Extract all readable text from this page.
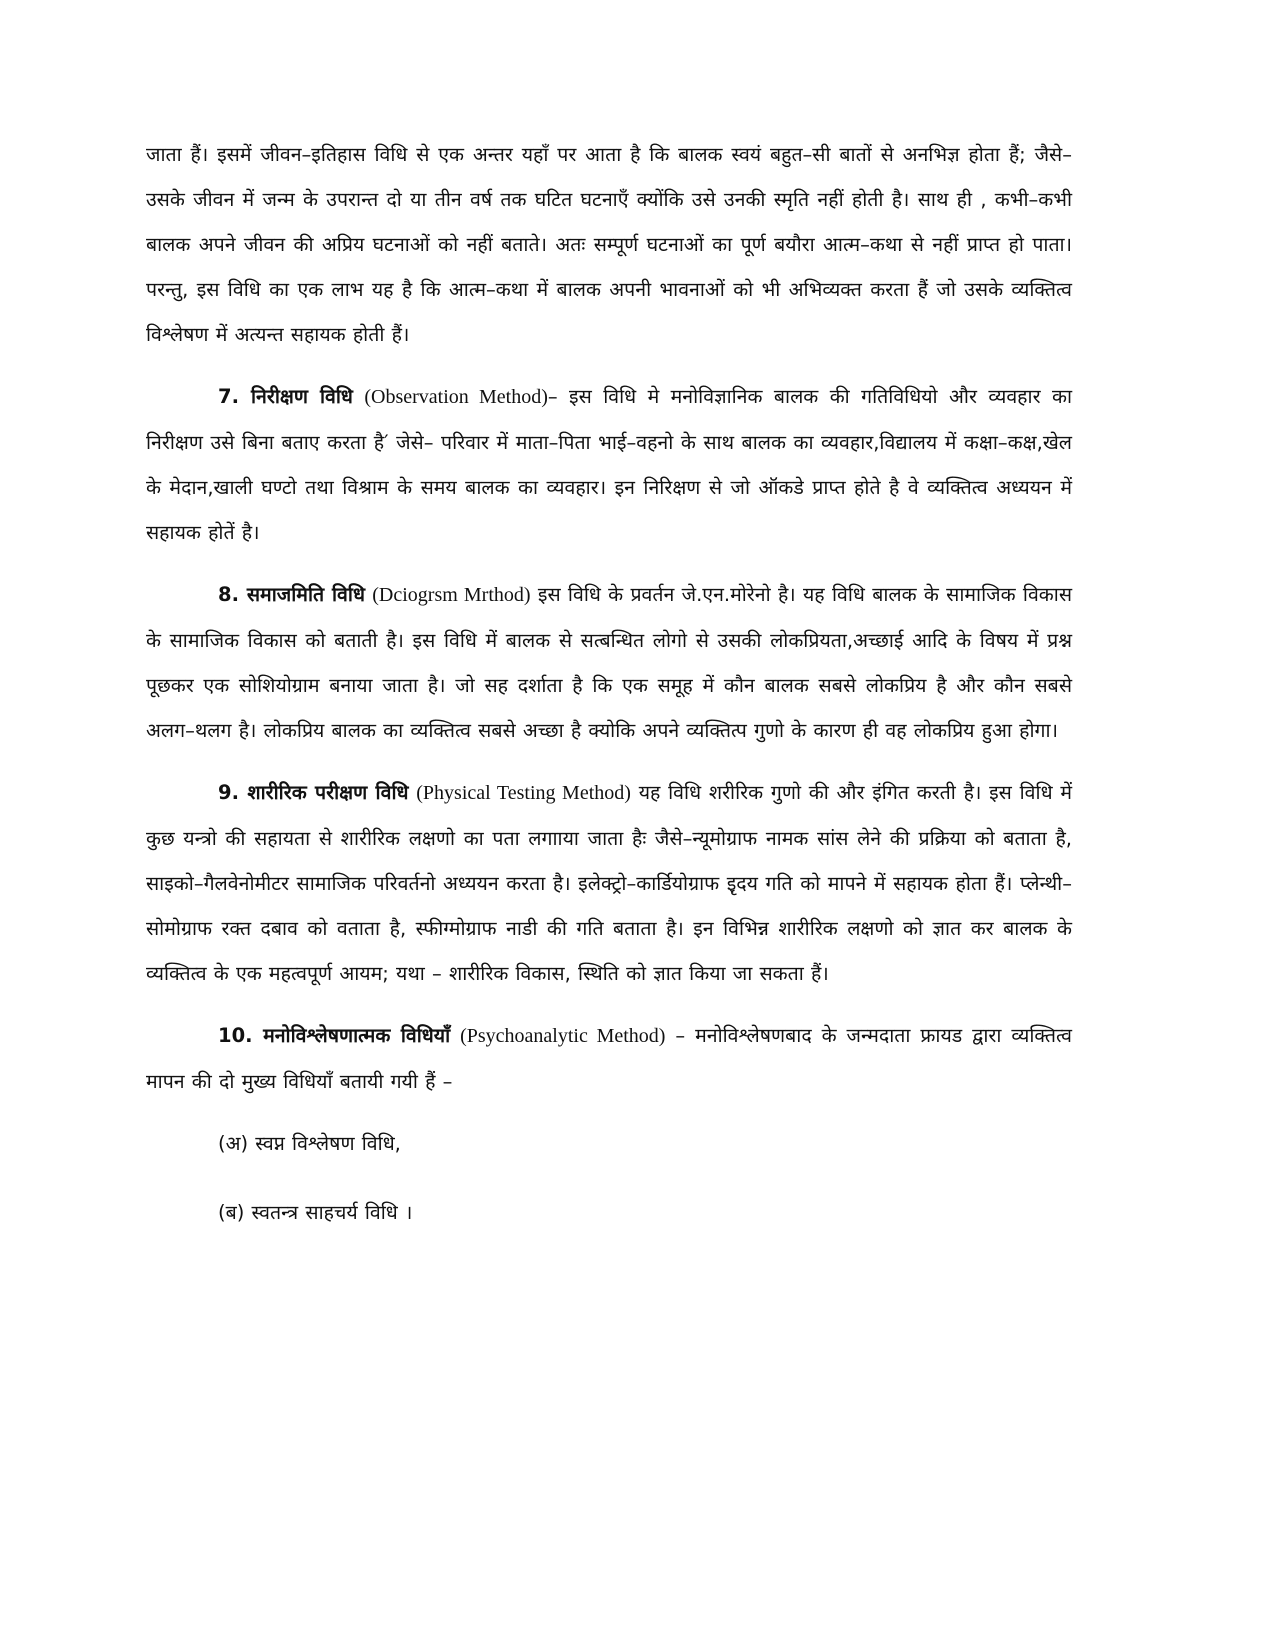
जाता हैं। इसमें जीवन–इतिहास विधि से एक अन्तर यहाँ पर आता है कि बालक स्वयं बहुत–सी बातों से अनभिज्ञ होता हैं; जैसे– उसके जीवन में जन्म के उपरान्त दो या तीन वर्ष तक घटित घटनाएँ क्योंकि उसे उनकी स्मृति नहीं होती है। साथ ही , कभी–कभी बालक अपने जीवन की अप्रिय घटनाओं को नहीं बताते। अतः सम्पूर्ण घटनाओं का पूर्ण बयौरा आत्म–कथा से नहीं प्राप्त हो पाता। परन्तु, इस विधि का एक लाभ यह है कि आत्म–कथा में बालक अपनी भावनाओं को भी अभिव्यक्त करता हैं जो उसके व्यक्तित्व विश्लेषण में अत्यन्त सहायक होती हैं।

7. निरीक्षण विधि (Observation Method)– इस विधि मे मनोविज्ञानिक बालक की गतिविधियो और व्यवहार का निरीक्षण उसे बिना बताए करता है′ जेसे– परिवार में माता–पिता भाई–वहनो के साथ बालक का व्यवहार,विद्यालय में कक्षा–कक्ष,खेल के मेदान,खाली घण्टो तथा विश्राम के समय बालक का व्यवहार। इन निरिक्षण से जो ऑकडे प्राप्त होते है वे व्यक्तित्व अध्ययन में सहायक होतें है।

8. समाजमिति विधि (Dciogrsm Mrthod) इस विधि के प्रवर्तन जे.एन.मोरेनो है। यह विधि बालक के सामाजिक विकास के सामाजिक विकास को बताती है। इस विधि में बालक से सत्बन्धित लोगो से उसकी लोकप्रियता,अच्छाई आदि के विषय में प्रश्न पूछकर एक सोशियोग्राम बनाया जाता है। जो सह दर्शाता है कि एक समूह में कौन बालक सबसे लोकप्रिय है और कौन सबसे अलग–थलग है। लोकप्रिय बालक का व्यक्तित्व सबसे अच्छा है क्योकि अपने व्यक्तित्प गुणो के कारण ही वह लोकप्रिय हुआ होगा।

9. शारीरिक परीक्षण विधि (Physical Testing Method) यह विधि शरीरिक गुणो की और इंगित करती है। इस विधि में कुछ यन्त्रो की सहायता से शारीरिक लक्षणो का पता लगााया जाता हैः जैसे–न्यूमोग्राफ नामक सांस लेने की प्रक्रिया को बताता है, साइको–गैलवेनोमीटर सामाजिक परिवर्तनो अध्ययन करता है। इलेक्ट्रो–कार्डियोग्राफ इृदय गति को मापने में सहायक होता हैं। प्लेन्थी–सोमोग्राफ रक्त दबाव को वताता है, स्फीग्मोग्राफ नाडी की गति बताता है। इन विभिन्न शारीरिक लक्षणो को ज्ञात कर बालक के व्यक्तित्व के एक महत्वपूर्ण आयम; यथा – शारीरिक विकास, स्थिति को ज्ञात किया जा सकता हैं।

10. मनोविश्लेषणात्मक विधियाँ (Psychoanalytic Method) – मनोविश्लेषणबाद के जन्मदाता फ्रायड द्वारा व्यक्तित्व मापन की दो मुख्य विधियाँ बतायी गयी हैं –

(अ) स्वप्न विश्लेषण विधि,

(ब) स्वतन्त्र साहचर्य विधि ।
